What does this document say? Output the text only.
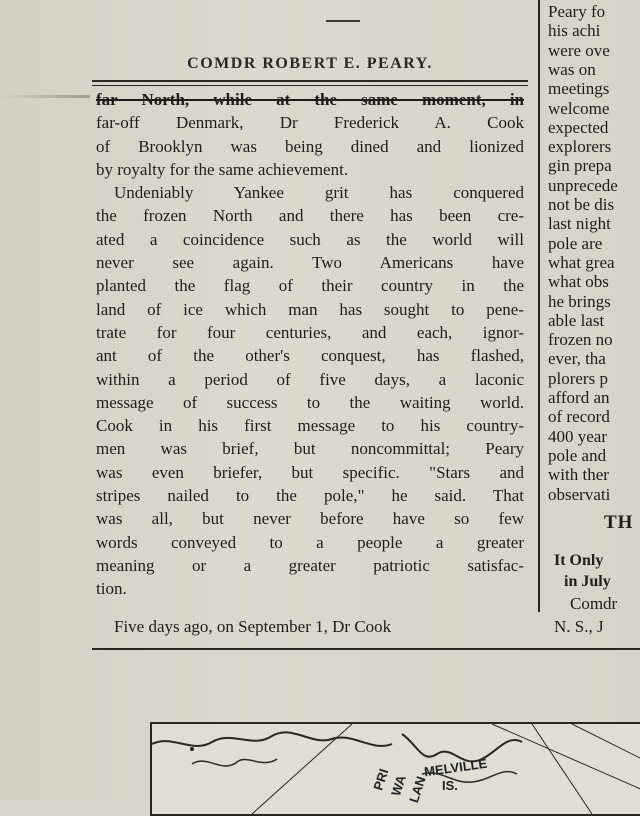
COMDR ROBERT E. PEARY.
far North, while at the same moment, in
far-off Denmark, Dr Frederick A. Cook
of Brooklyn was being dined and lionized
by royalty for the same achievement.
Undeniably Yankee grit has conquered
the frozen North and there has been cre-
ated a coincidence such as the world will
never see again. Two Americans have
planted the flag of their country in the
land of ice which man has sought to pene-
trate for four centuries, and each, ignor-
ant of the other's conquest, has flashed,
within a period of five days, a laconic
message of success to the waiting world.
Cook in his first message to his country-
men was brief, but noncommittal; Peary
was even briefer, but specific. "Stars and
stripes nailed to the pole," he said. That
was all, but never before have so few
words conveyed to a people a greater
meaning or a greater patriotic satisfac-
tion.
Five days ago, on September 1, Dr Cook
TH
It Only
in July
Comdr
N. S., J
Peary fo
his achi
were ove
was on
meetings
welcome
expected
explorers
gin prepa
unprecede
not be dis
last night
pole are
what grea
what obs
he brings
able last
frozen no
ever, tha
plorers p
afford an
of record
400 year
pole and
with ther
observati
PRI
WA
LAN
MELVILLE
IS.
